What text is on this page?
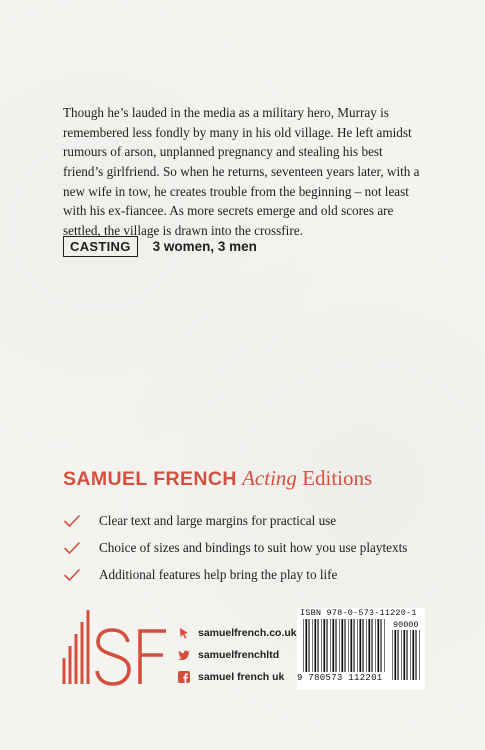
Though he’s lauded in the media as a military hero, Murray is remembered less fondly by many in his old village. He left amidst rumours of arson, unplanned pregnancy and stealing his best friend’s girlfriend. So when he returns, seventeen years later, with a new wife in tow, he creates trouble from the beginning – not least with his ex-fiancee. As more secrets emerge and old scores are settled, the village is drawn into the crossfire.

CASTING	3 women, 3 men
SAMUEL FRENCH Acting Editions
Clear text and large margins for practical use
Choice of sizes and bindings to suit how you use playtexts
Additional features help bring the play to life
samuelfrench.co.uk
samuelfrenchltd
samuel french uk
ISBN 978-0-573-11220-1
90000
9 780573 112201
